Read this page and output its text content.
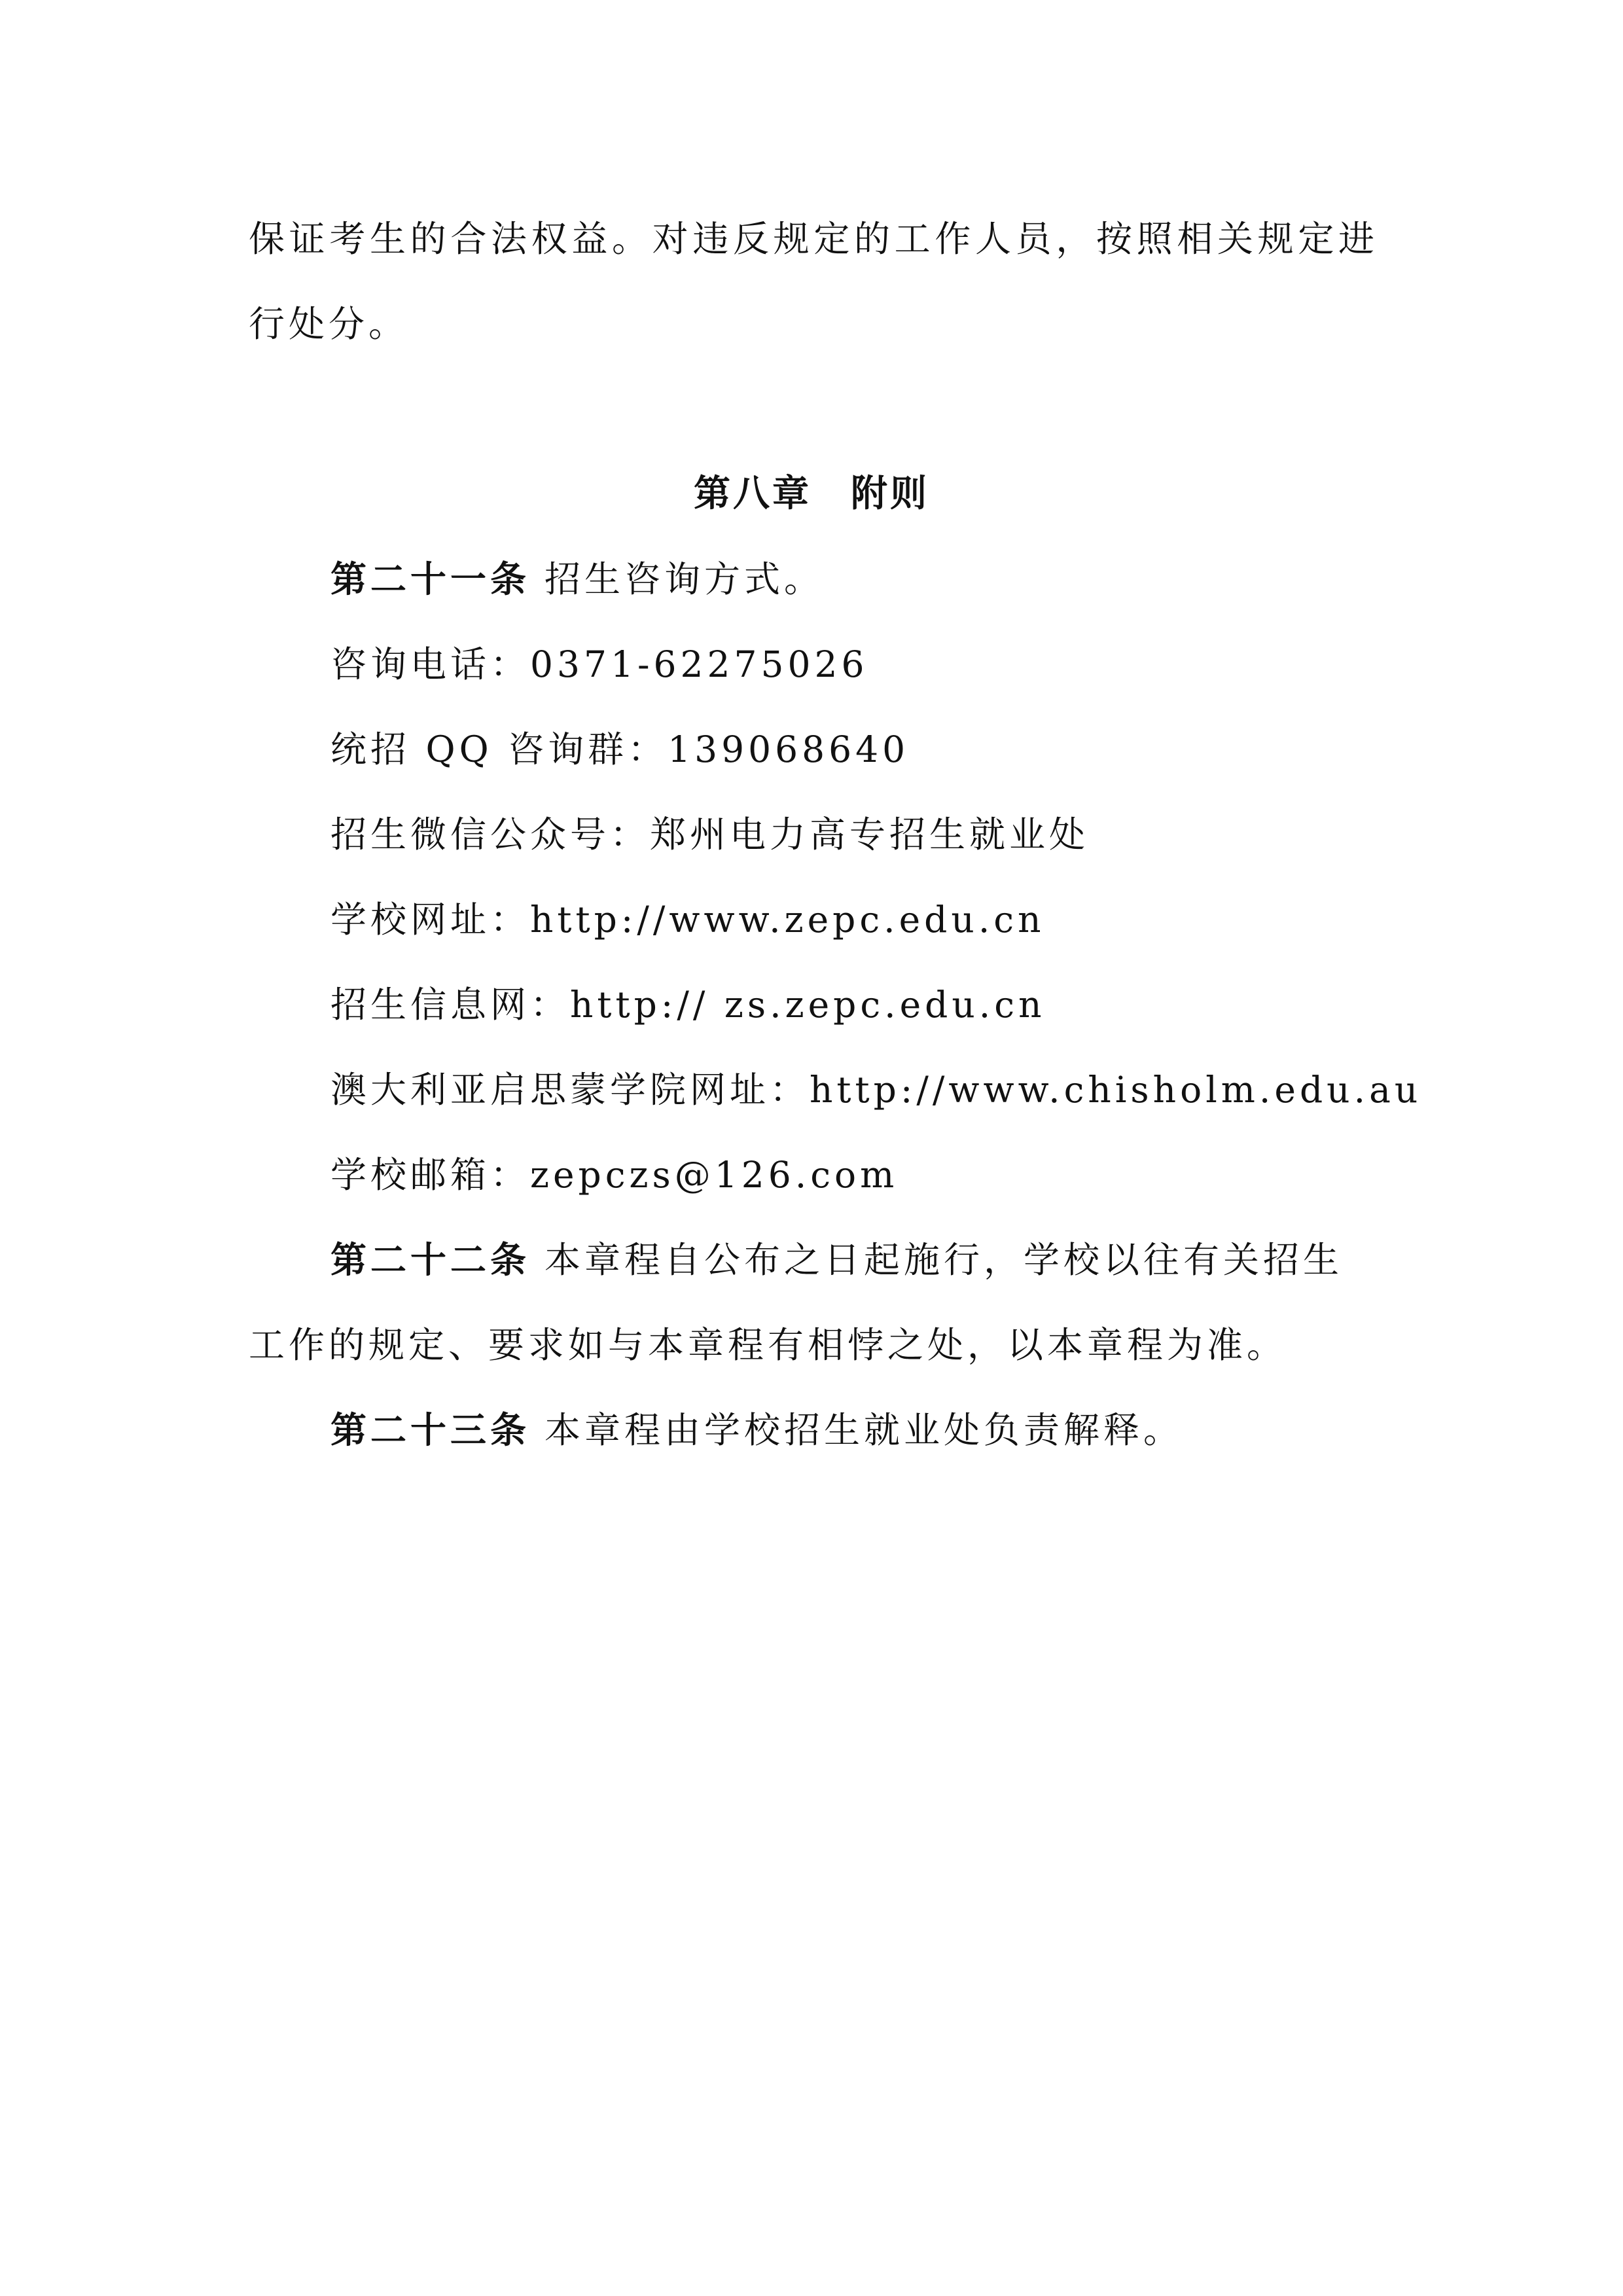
保证考生的合法权益。对违反规定的工作人员，按照相关规定进
行处分。
第八章　附则
第二十一条 招生咨询方式。
咨询电话：0371-62275026
统招 QQ 咨询群：139068640
招生微信公众号：郑州电力高专招生就业处
学校网址：http://www.zepc.edu.cn
招生信息网：http:// zs.zepc.edu.cn
澳大利亚启思蒙学院网址：http://www.chisholm.edu.au
学校邮箱：zepczs@126.com
第二十二条 本章程自公布之日起施行，学校以往有关招生
工作的规定、要求如与本章程有相悖之处，以本章程为准。
第二十三条 本章程由学校招生就业处负责解释。
